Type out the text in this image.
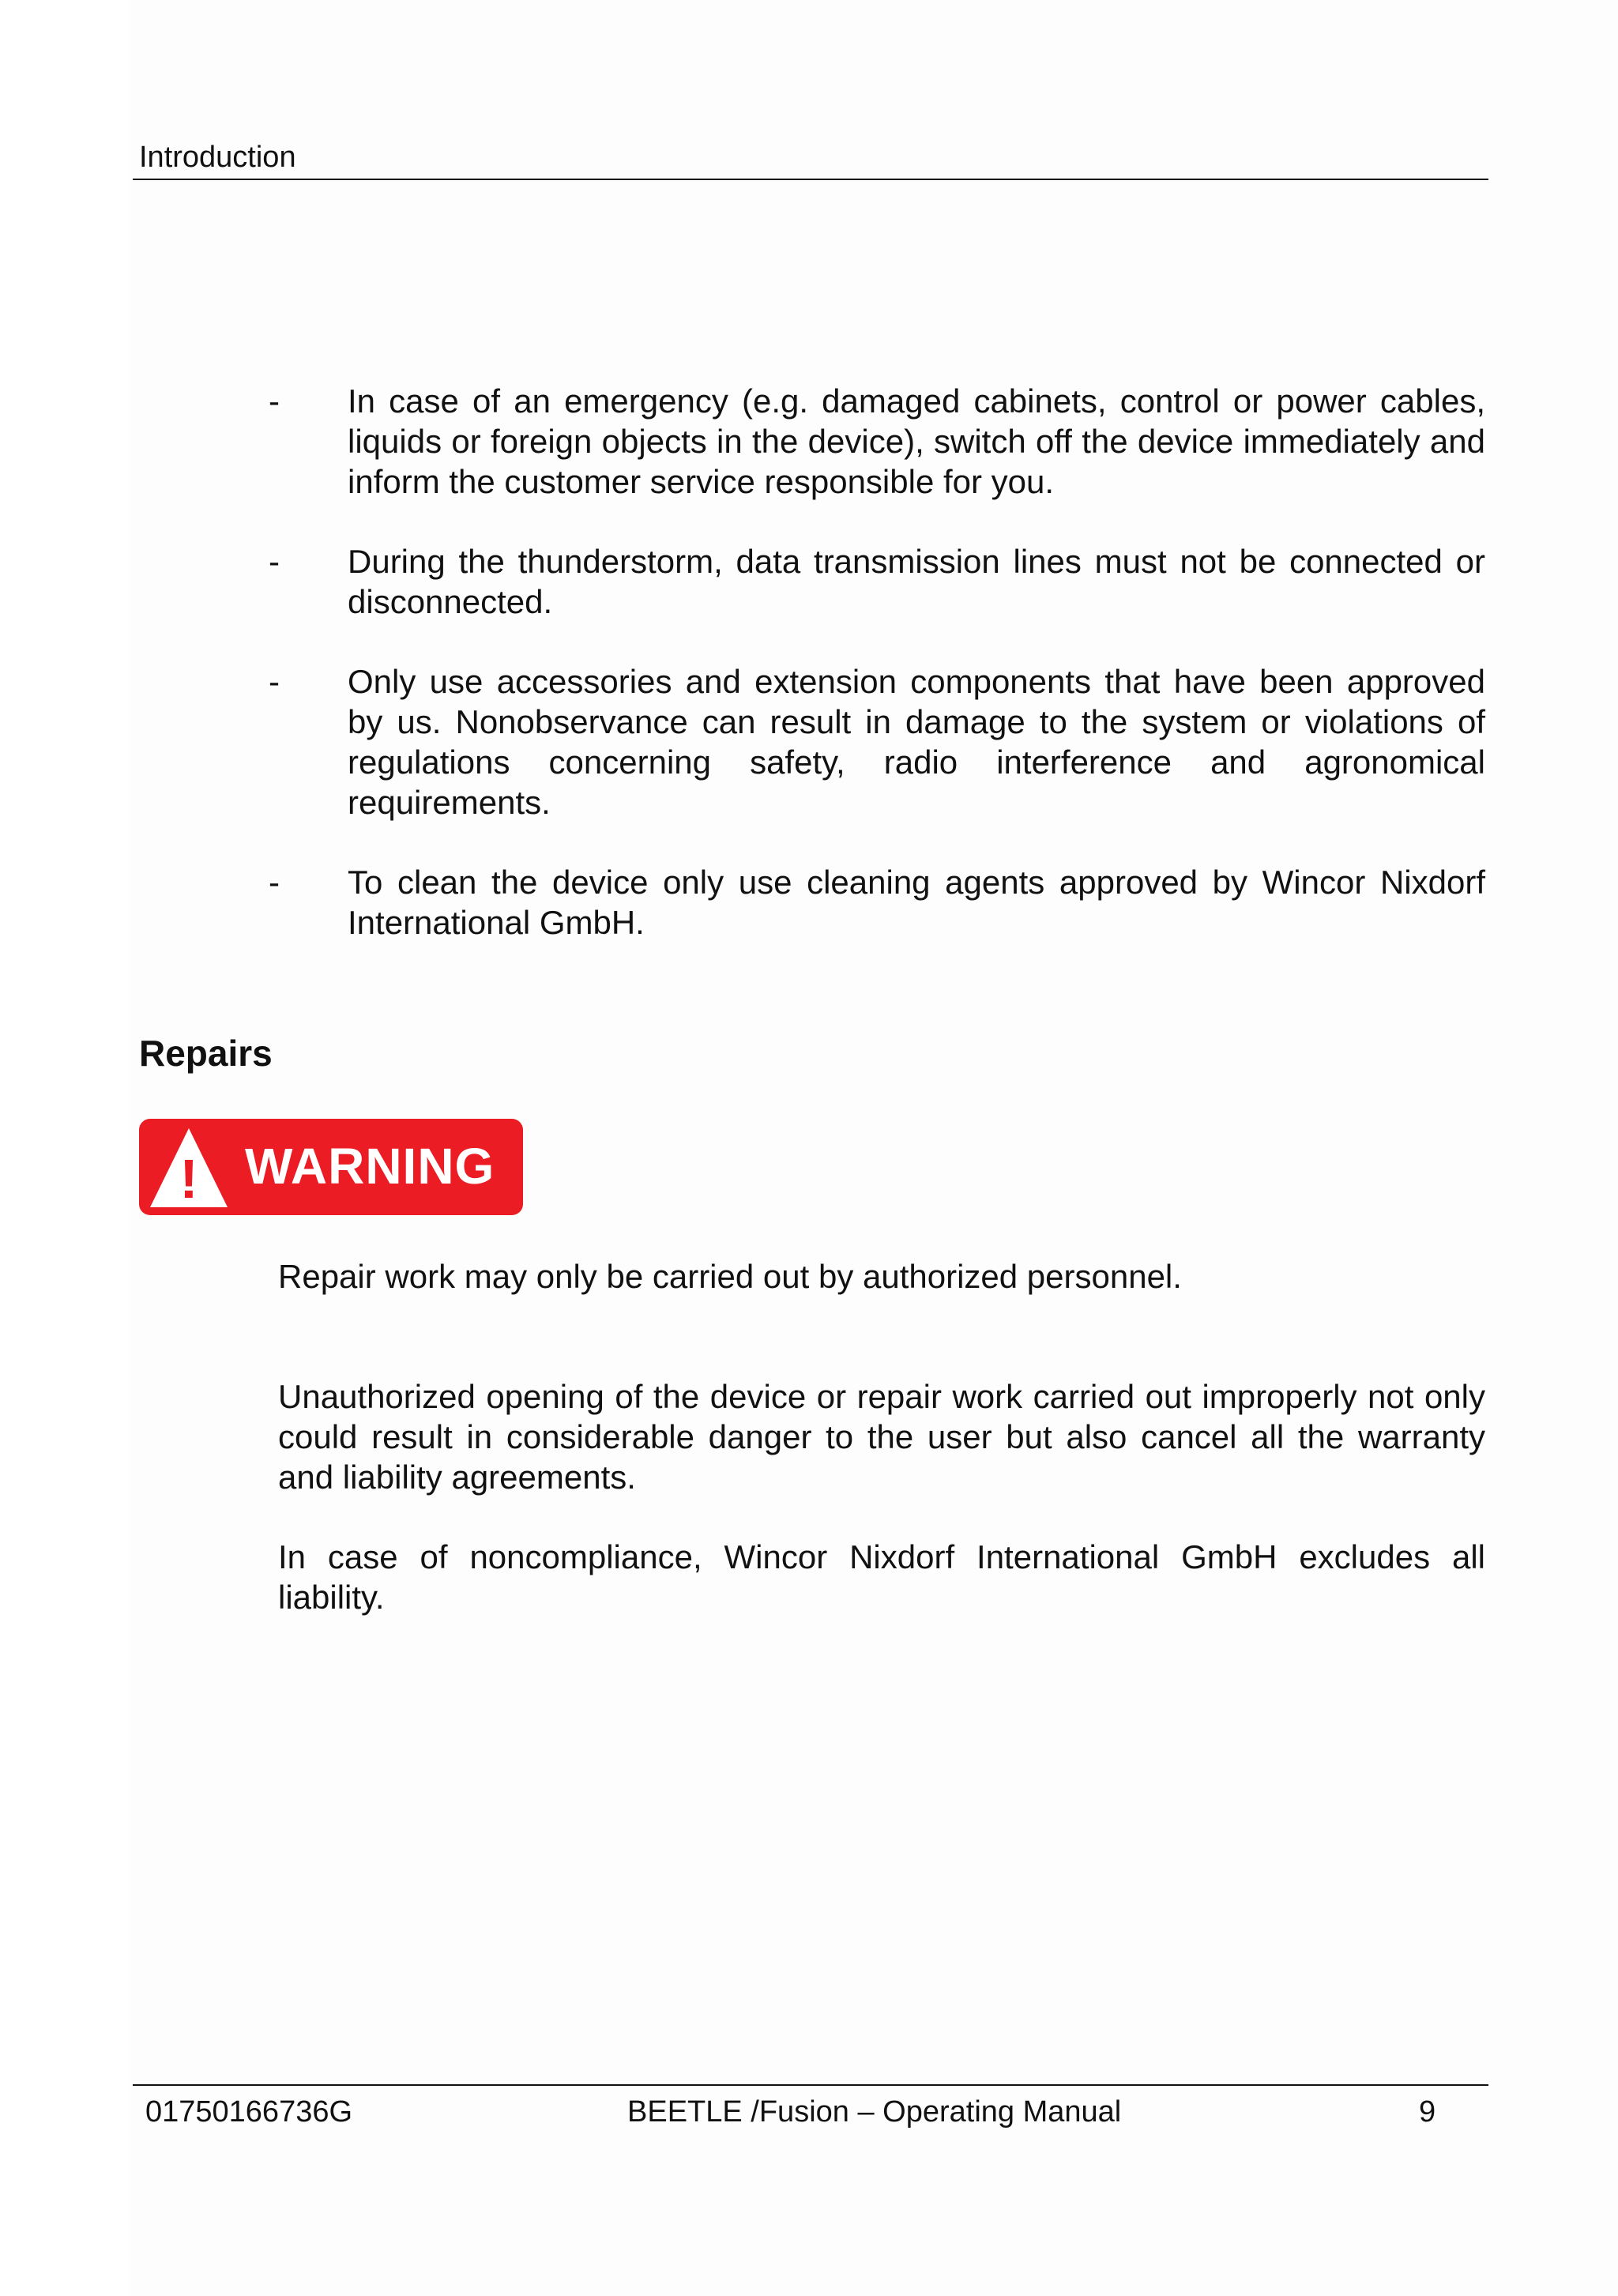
Introduction
-	In case of an emergency (e.g. damaged cabinets, control or power cables, liquids or foreign objects in the device), switch off the device immediately and inform the customer service responsible for you.
-	During the thunderstorm, data transmission lines must not be connected or disconnected.
-	Only use accessories and extension components that have been approved by us. Nonobservance can result in damage to the system or violations of regulations concerning safety, radio interference and agronomical requirements.
-	To clean the device only use cleaning agents approved by Wincor Nixdorf International GmbH.
Repairs
! WARNING

Repair work may only be carried out by authorized personnel.

Unauthorized opening of the device or repair work carried out improperly not only could result in considerable danger to the user but also cancel all the warranty and liability agreements.

In case of noncompliance, Wincor Nixdorf International GmbH excludes all liability.

01750166736G	BEETLE /Fusion – Operating Manual	9
